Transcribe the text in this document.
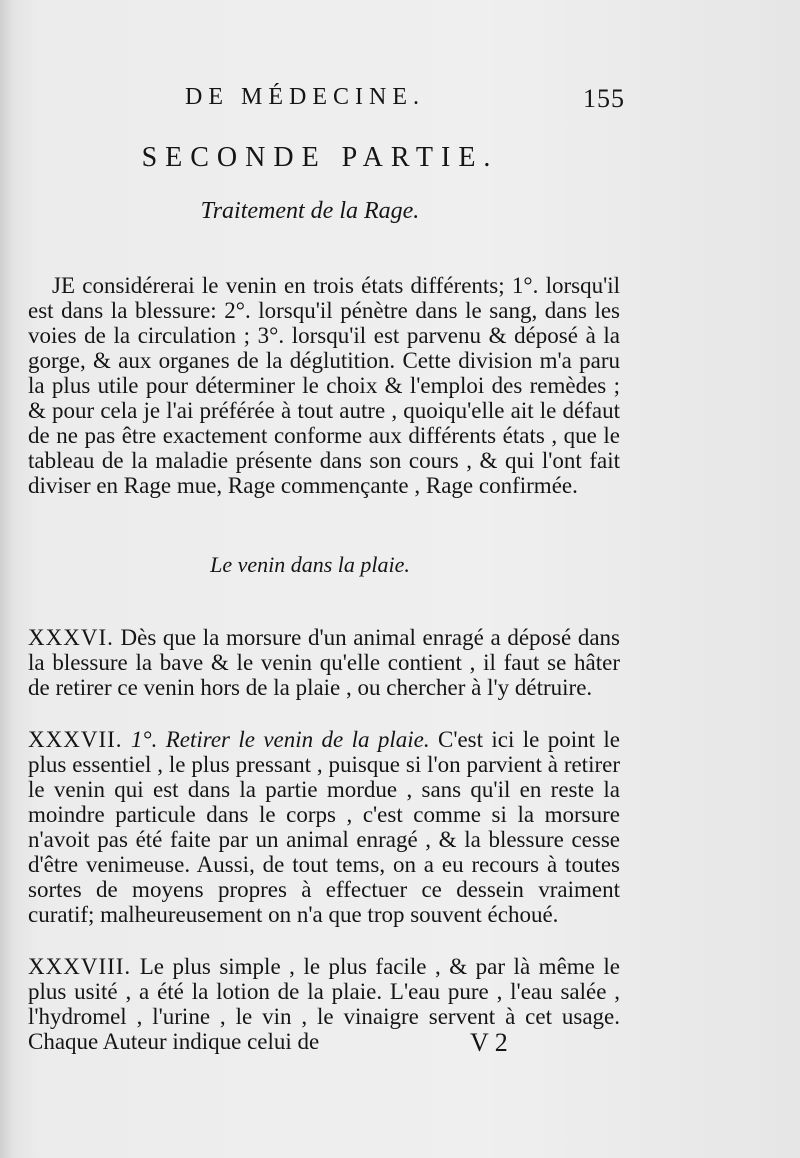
DE MÉDECINE.	155
SECONDE PARTIE.
Traitement de la Rage.

JE considérerai le venin en trois états différents; 1°. lorsqu'il est dans la blessure: 2°. lorsqu'il pénètre dans le sang, dans les voies de la circulation ; 3°. lorsqu'il est parvenu & déposé à la gorge, & aux organes de la déglutition. Cette division m'a paru la plus utile pour déterminer le choix & l'emploi des remèdes ; & pour cela je l'ai préférée à tout autre , quoiqu'elle ait le défaut de ne pas être exactement conforme aux différents états , que le tableau de la maladie présente dans son cours , & qui l'ont fait diviser en Rage mue, Rage commençante , Rage confirmée.

Le venin dans la plaie.

XXXVI. Dès que la morsure d'un animal enragé a déposé dans la blessure la bave & le venin qu'elle contient , il faut se hâter de retirer ce venin hors de la plaie , ou chercher à l'y détruire.

XXXVII. 1°. Retirer le venin de la plaie. C'est ici le point le plus essentiel , le plus pressant , puisque si l'on parvient à retirer le venin qui est dans la partie mordue , sans qu'il en reste la moindre particule dans le corps , c'est comme si la morsure n'avoit pas été faite par un animal enragé , & la blessure cesse d'être venimeuse. Aussi, de tout tems, on a eu recours à toutes sortes de moyens propres à effectuer ce dessein vraiment curatif; malheureusement on n'a que trop souvent échoué.

XXXVIII. Le plus simple , le plus facile , & par là même le plus usité , a été la lotion de la plaie. L'eau pure , l'eau salée , l'hydromel , l'urine , le vin , le vinaigre servent à cet usage. Chaque Auteur indique celui de	V 2
